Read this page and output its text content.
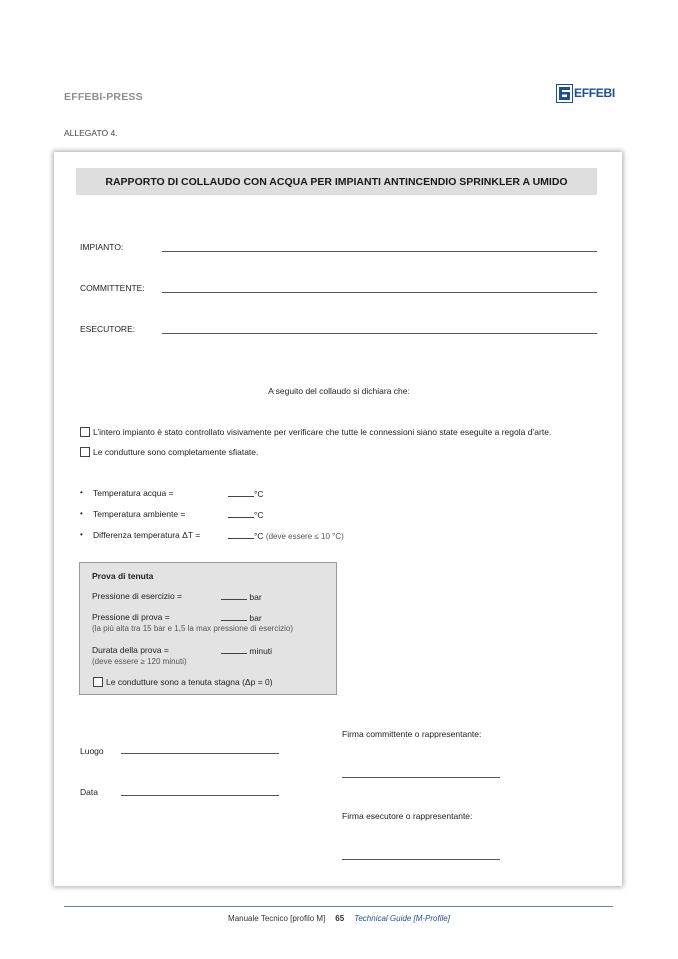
EFFEBI-PRESS	EFFEBI
ALLEGATO 4.
RAPPORTO DI COLLAUDO CON ACQUA PER IMPIANTI ANTINCENDIO SPRINKLER A UMIDO
IMPIANTO:
COMMITTENTE:
ESECUTORE:
A seguito del collaudo si dichiara che:
L’intero impianto è stato controllato visivamente per verificare che tutte le connessioni siano state eseguite a regola d’arte.
Le condutture sono completamente sfiatate.
• Temperatura acqua =	°C
• Temperatura ambiente =	°C
• Differenza temperatura ΔT =	°C (deve essere ≤ 10 °C)
Prova di tenuta
Pressione di esercizio =	bar
Pressione di prova =	bar
(la più alta tra 15 bar e 1,5 la max pressione di esercizio)
Durata della prova =	minuti
(deve essere ≥ 120 minuti)
Le condutture sono a tenuta stagna (Δp = 0)
Luogo
Data
Firma committente o rappresentante:
Firma esecutore o rappresentante:
Manuale Tecnico [profilo M] 65 Technical Guide [M-Profile]
